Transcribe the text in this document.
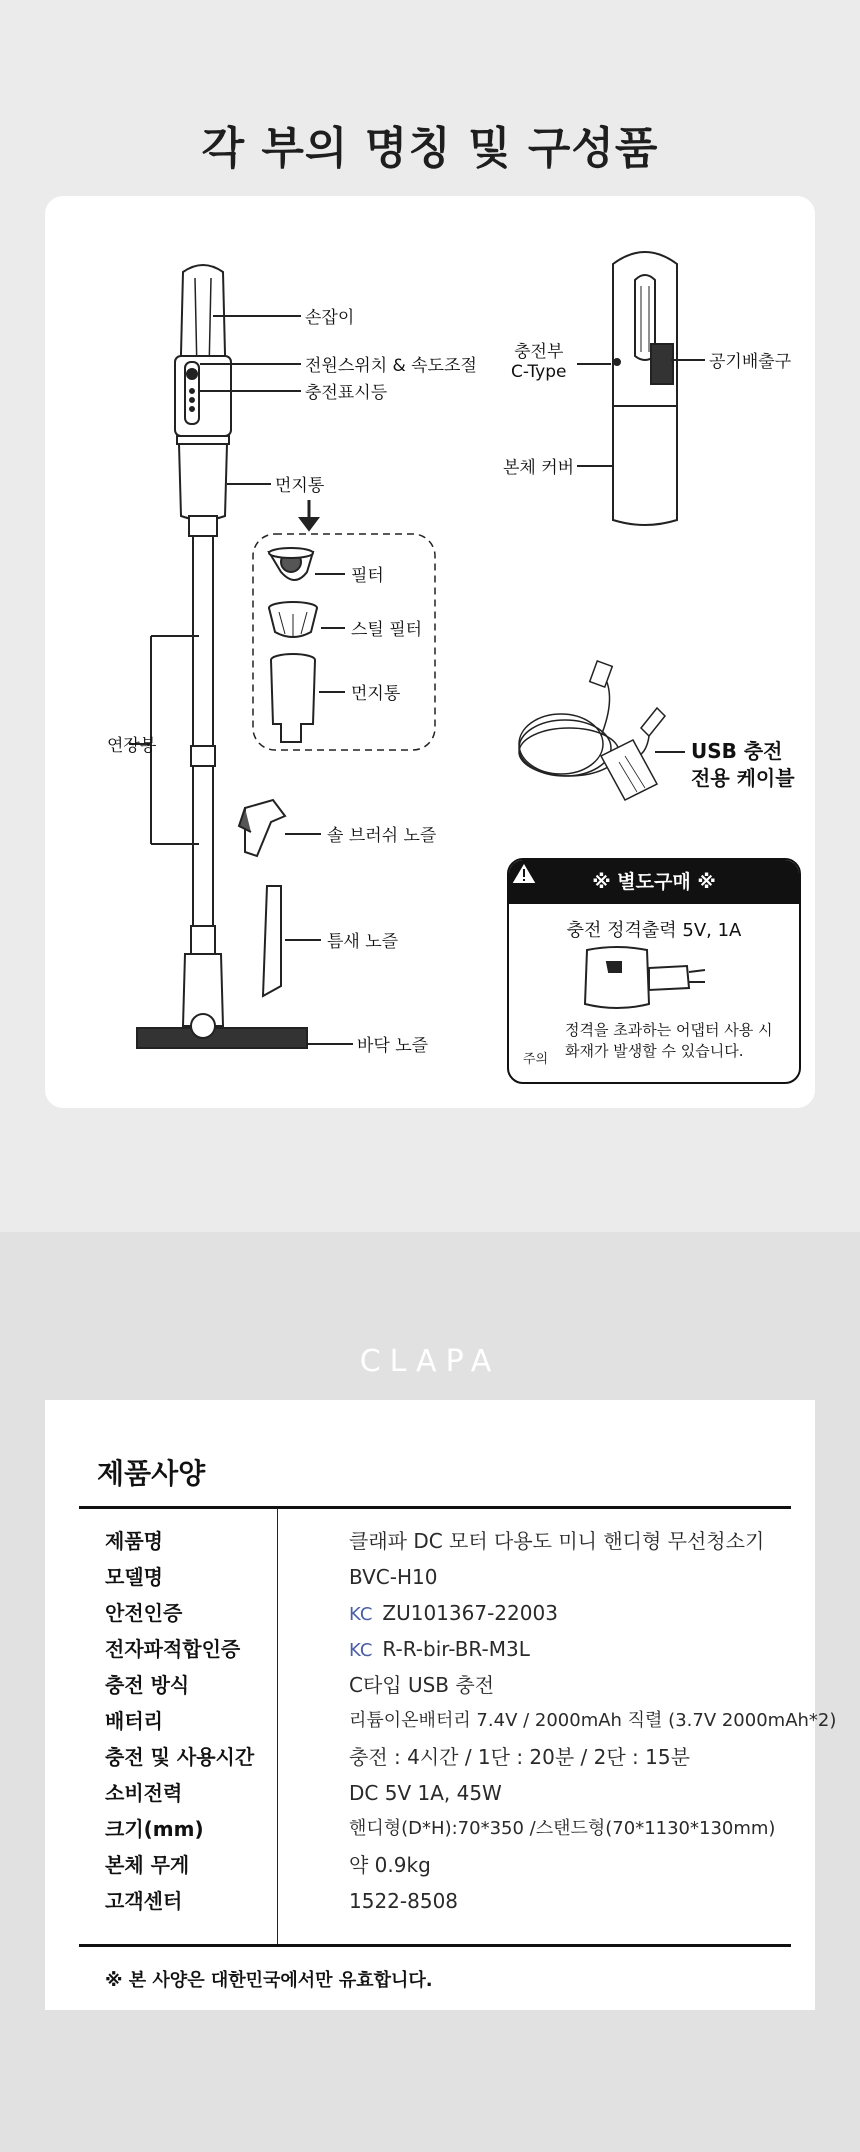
각 부의 명칭 및 구성품
손잡이
전원스위치 & 속도조절
충전표시등
먼지통
필터
스틸 필터
먼지통
연장봉
솔 브러쉬 노즐
틈새 노즐
바닥 노즐
충전부
C-Type	공기배출구
본체 커버
USB 충전
전용 케이블
※ 별도구매 ※
충전 정격출력 5V, 1A
주의
정격을 초과하는 어댑터 사용 시
화재가 발생할 수 있습니다.
CLAPA
제품사양
제품명	클래파 DC 모터 다용도 미니 핸디형 무선청소기
모델명	BVC-H10
안전인증	KC ZU101367-22003
전자파적합인증	KC R-R-bir-BR-M3L
충전 방식	C타입 USB 충전
배터리	리튬이온배터리 7.4V / 2000mAh 직렬 (3.7V 2000mAh*2)
충전 및 사용시간	충전 : 4시간 / 1단 : 20분 / 2단 : 15분
소비전력	DC 5V 1A, 45W
크기(mm)	핸디형(D*H):70*350 /스탠드형(70*1130*130mm)
본체 무게	약 0.9kg
고객센터	1522-8508
※ 본 사양은 대한민국에서만 유효합니다.
